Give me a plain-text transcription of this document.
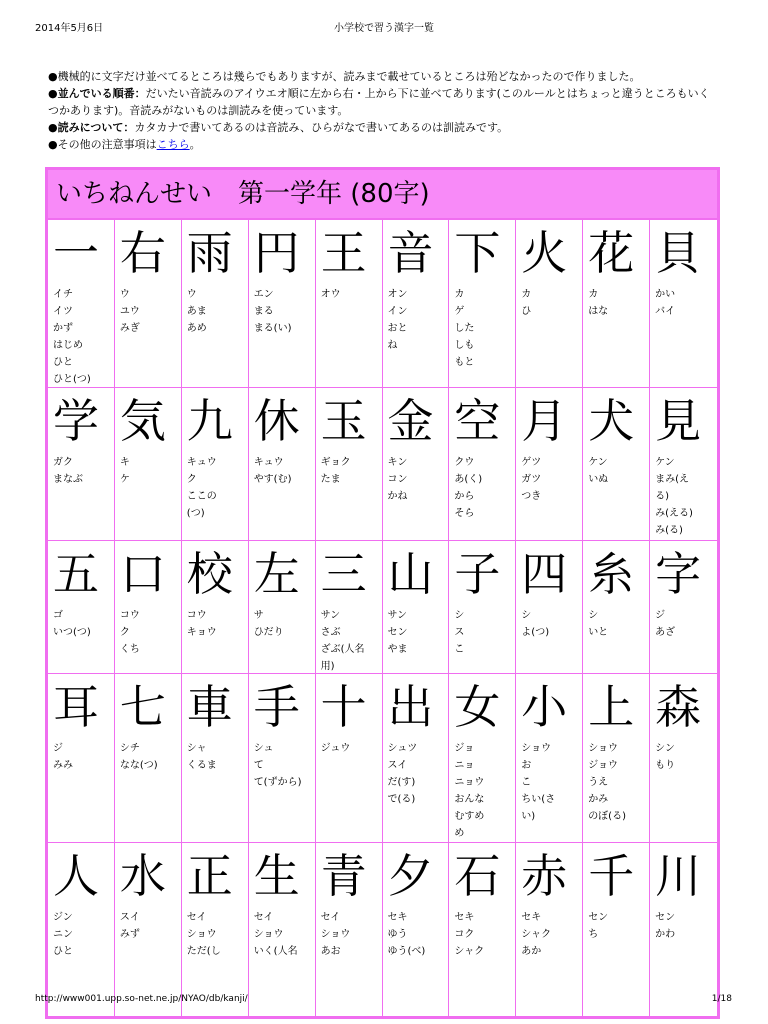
2014年5月6日	小学校で習う漢字一覧

●機械的に文字だけ並べてるところは幾らでもありますが、読みまで載せているところは殆どなかったので作りました。

●並んでいる順番：だいたい音読みのアイウエオ順に左から右・上から下に並べてあります(このルールとはちょっと違うところもいくつかあります)。音読みがないものは訓読みを使っています。

●読みについて：カタカナで書いてあるのは音読み、ひらがなで書いてあるのは訓読みです。

●その他の注意事項はこちら。

いちねんせい　第一学年 (80字)
一
イチ
イツ
かず
はじめ
ひと
ひと(つ)
右
ウ
ユウ
みぎ
雨
ウ
あま
あめ
円
エン
まる
まる(い)
王
オウ
音
オン
イン
おと
ね
下
カ
ゲ
した
しも
もと
火
カ
ひ
花
カ
はな
貝
かい
バイ
学
ガク
まなぶ
気
キ
ケ
九
キュウ
ク
ここの
(つ)
休
キュウ
やす(む)
玉
ギョク
たま
金
キン
コン
かね
空
クウ
あ(く)
から
そら
月
ゲツ
ガツ
つき
犬
ケン
いぬ
見
ケン
まみ(え
る)
み(える)
み(る)
五
ゴ
いつ(つ)
口
コウ
ク
くち
校
コウ
キョウ
左
サ
ひだり
三
サン
さぶ
ざぶ(人名
用)
山
サン
セン
やま
子
シ
ス
こ
四
シ
よ(つ)
糸
シ
いと
字
ジ
あざ
耳
ジ
みみ
七
シチ
なな(つ)
車
シャ
くるま
手
シュ
て
て(ずから)
十
ジュウ
出
シュツ
スイ
だ(す)
で(る)
女
ジョ
ニョ
ニョウ
おんな
むすめ
め
小
ショウ
お
こ
ちい(さ
い)
上
ショウ
ジョウ
うえ
かみ
のぼ(る)
森
シン
もり
人
ジン
ニン
ひと
水
スイ
みず
正
セイ
ショウ
ただ(し
生
セイ
ショウ
いく(人名
青
セイ
ショウ
あお
夕
セキ
ゆう
ゆう(べ)
石
セキ
コク
シャク
赤
セキ
シャク
あか
千
セン
ち
川
セン
かわ
http://www001.upp.so-net.ne.jp/NYAO/db/kanji/	1/18
